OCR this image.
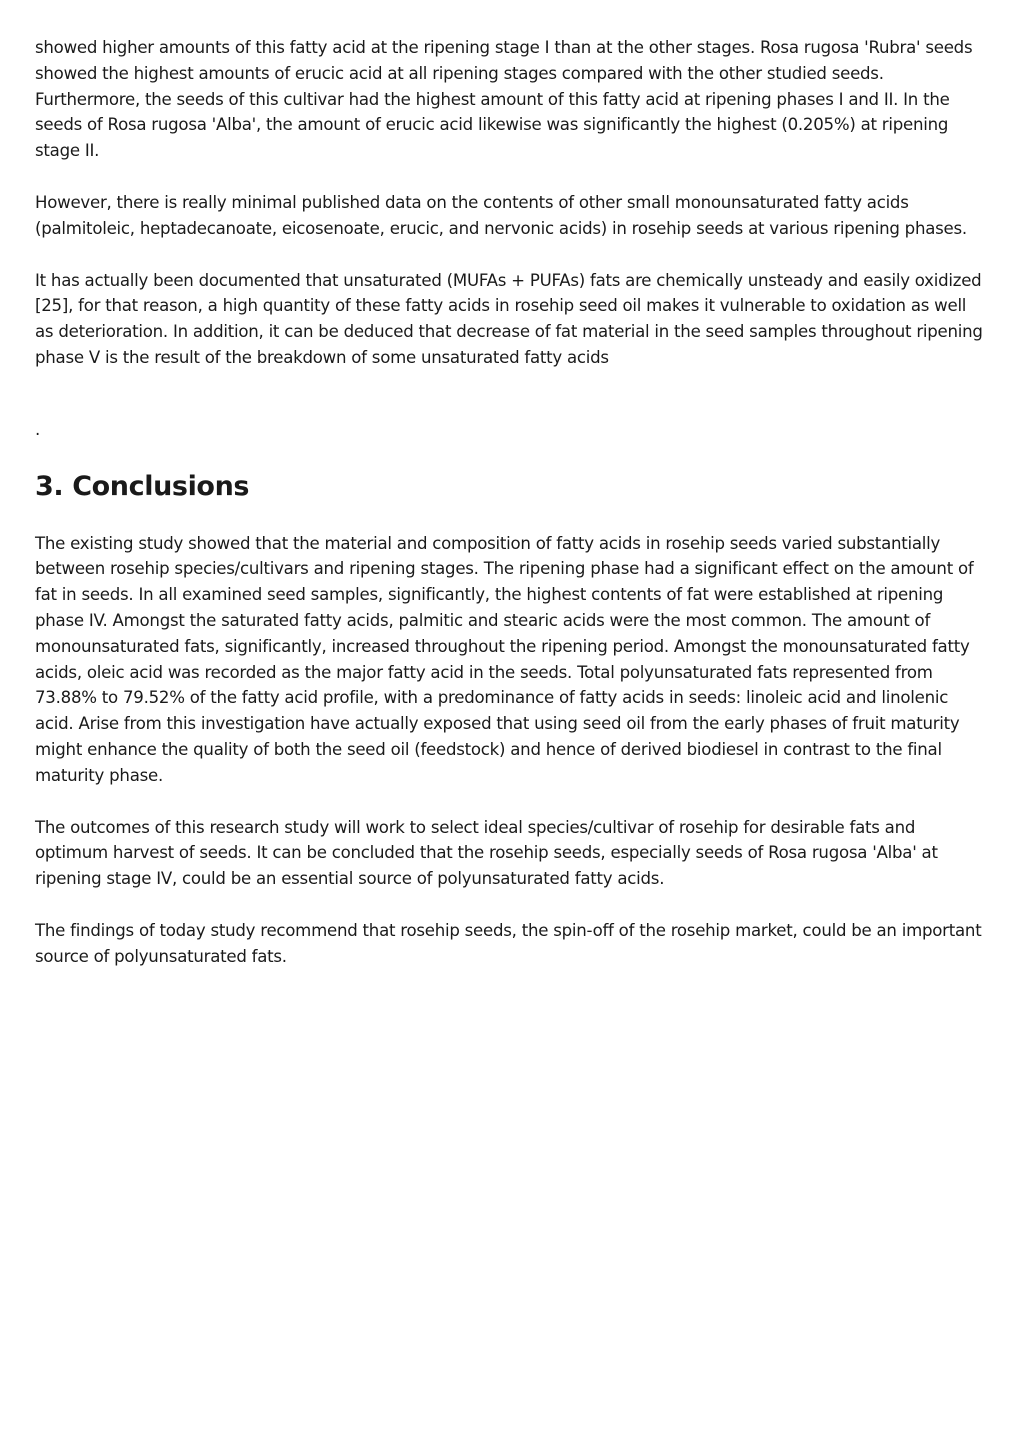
showed higher amounts of this fatty acid at the ripening stage I than at the other stages. Rosa rugosa 'Rubra' seeds showed the highest amounts of erucic acid at all ripening stages compared with the other studied seeds. Furthermore, the seeds of this cultivar had the highest amount of this fatty acid at ripening phases I and II. In the seeds of Rosa rugosa 'Alba', the amount of erucic acid likewise was significantly the highest (0.205%) at ripening stage II.

However, there is really minimal published data on the contents of other small monounsaturated fatty acids (palmitoleic, heptadecanoate, eicosenoate, erucic, and nervonic acids) in rosehip seeds at various ripening phases.

It has actually been documented that unsaturated (MUFAs + PUFAs) fats are chemically unsteady and easily oxidized [25], for that reason, a high quantity of these fatty acids in rosehip seed oil makes it vulnerable to oxidation as well as deterioration. In addition, it can be deduced that decrease of fat material in the seed samples throughout ripening phase V is the result of the breakdown of some unsaturated fatty acids

.

3. Conclusions

The existing study showed that the material and composition of fatty acids in rosehip seeds varied substantially between rosehip species/cultivars and ripening stages. The ripening phase had a significant effect on the amount of fat in seeds. In all examined seed samples, significantly, the highest contents of fat were established at ripening phase IV. Amongst the saturated fatty acids, palmitic and stearic acids were the most common. The amount of monounsaturated fats, significantly, increased throughout the ripening period. Amongst the monounsaturated fatty acids, oleic acid was recorded as the major fatty acid in the seeds. Total polyunsaturated fats represented from 73.88% to 79.52% of the fatty acid profile, with a predominance of fatty acids in seeds: linoleic acid and linolenic acid. Arise from this investigation have actually exposed that using seed oil from the early phases of fruit maturity might enhance the quality of both the seed oil (feedstock) and hence of derived biodiesel in contrast to the final maturity phase.

The outcomes of this research study will work to select ideal species/cultivar of rosehip for desirable fats and optimum harvest of seeds. It can be concluded that the rosehip seeds, especially seeds of Rosa rugosa 'Alba' at ripening stage IV, could be an essential source of polyunsaturated fatty acids.

The findings of today study recommend that rosehip seeds, the spin-off of the rosehip market, could be an important source of polyunsaturated fats.
